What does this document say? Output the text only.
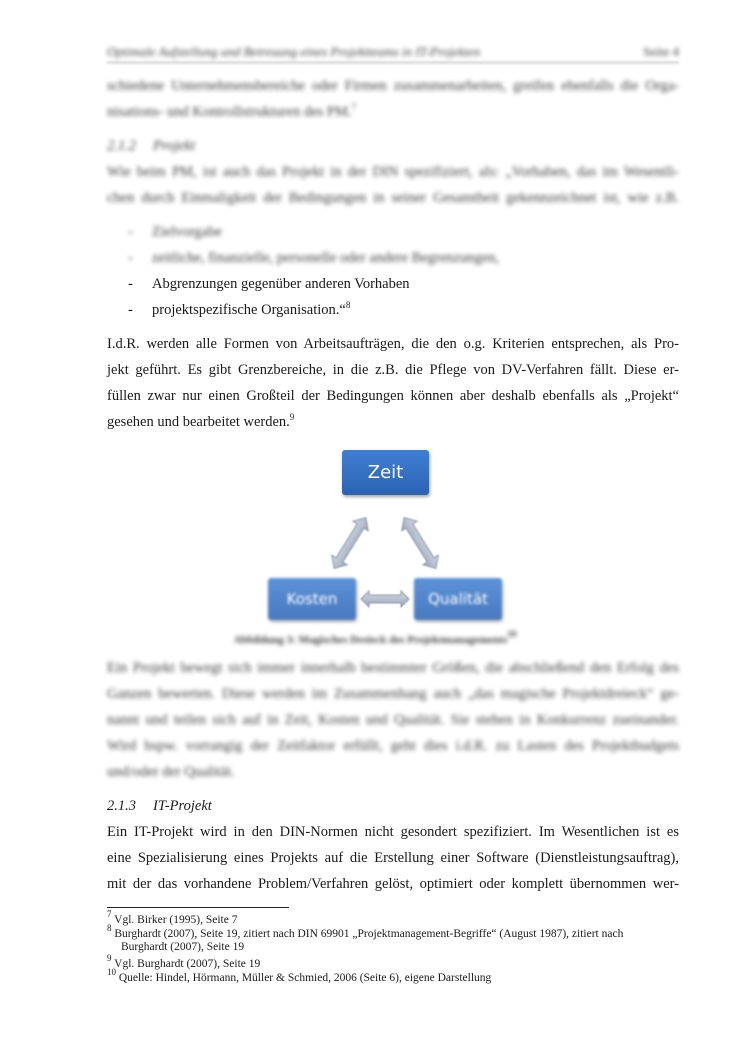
Optimale Aufstellung und Betreuung eines Projektteams in IT-Projekten	Seite 4
schiedene Unternehmensbereiche oder Firmen zusammenarbeiten, greifen ebenfalls die Orga-
nisations- und Kontrollstrukturen des PM.$^7$
2.1.2 Projekt
Wie beim PM, ist auch das Projekt in der DIN spezifiziert, als: „Vorhaben, das im Wesentli-
chen durch Einmaligkeit der Bedingungen in seiner Gesamtheit gekennzeichnet ist, wie z.B.
- Zielvorgabe
- zeitliche, finanzielle, personelle oder andere Begrenzungen,
- Abgrenzungen gegenüber anderen Vorhaben
- projektspezifische Organisation.“$^8$
I.d.R. werden alle Formen von Arbeitsaufträgen, die den o.g. Kriterien entsprechen, als Pro-
jekt geführt. Es gibt Grenzbereiche, in die z.B. die Pflege von DV-Verfahren fällt. Diese er-
füllen zwar nur einen Großteil der Bedingungen können aber deshalb ebenfalls als „Projekt“
gesehen und bearbeitet werden.$^9$
Zeit
Kosten	Qualität
Abbildung 3: Magisches Dreieck des Projektmanagements$^{10}$
Ein Projekt bewegt sich immer innerhalb bestimmter Größen, die abschließend den Erfolg des
Ganzen bewerten. Diese werden im Zusammenhang auch „das magische Projektdreieck“ ge-
nannt und teilen sich auf in Zeit, Kosten und Qualität. Sie stehen in Konkurrenz zueinander.
Wird bspw. vorrangig der Zeitfaktor erfüllt, geht dies i.d.R. zu Lasten des Projektbudgets
und/oder der Qualität.
2.1.3 IT-Projekt
Ein IT-Projekt wird in den DIN-Normen nicht gesondert spezifiziert. Im Wesentlichen ist es
eine Spezialisierung eines Projekts auf die Erstellung einer Software (Dienstleistungsauftrag),
mit der das vorhandene Problem/Verfahren gelöst, optimiert oder komplett übernommen wer-
$^7$ Vgl. Birker (1995), Seite 7
$^8$ Burghardt (2007), Seite 19, zitiert nach DIN 69901 „Projektmanagement-Begriffe“ (August 1987), zitiert nach
Burghardt (2007), Seite 19
$^9$ Vgl. Burghardt (2007), Seite 19
$^{10}$ Quelle: Hindel, Hörmann, Müller & Schmied, 2006 (Seite 6), eigene Darstellung
